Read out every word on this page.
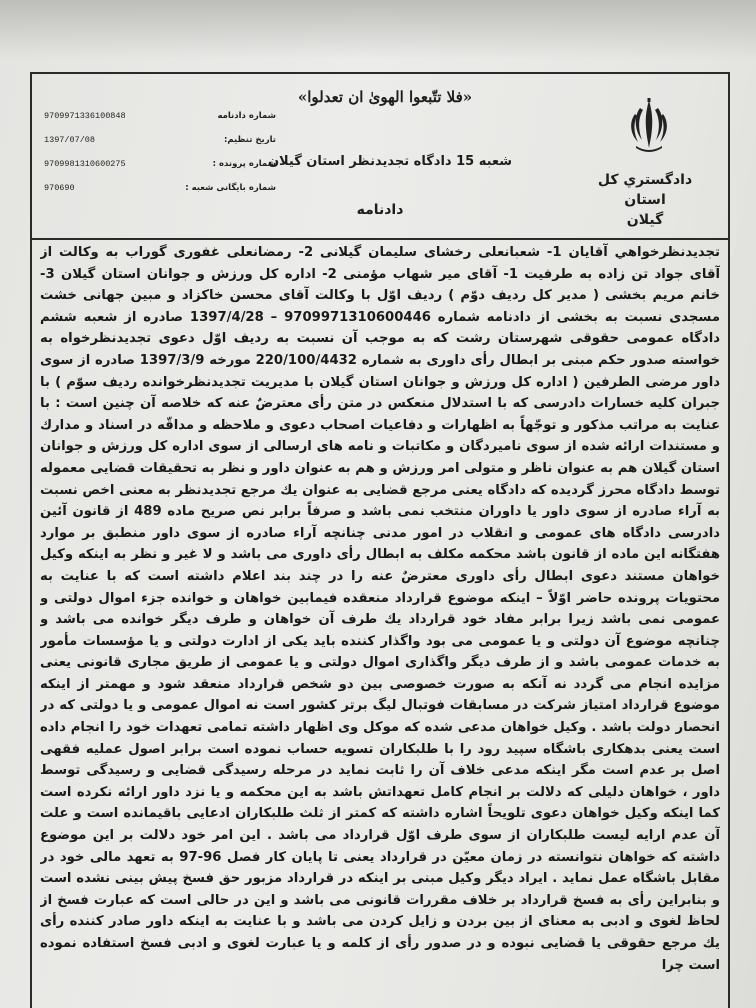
«فلا تتّبعوا الهوىٰ ان تعدلوا»
دادگستري كل استان
گيلان
شعبه 15 دادگاه تجديدنظر استان گيلان
دادنامه
9709971336100848	شماره دادنامه
1397/07/08	تاریخ تنظیم:
9709981310600275	شماره پرونده :
970690	شماره بایگانی شعبه :

تجديدنظرخواهي آقايان 1- شعبانعلی رخشای سليمان گيلانی 2- رمضانعلی غفوری گوراب به وكالت از آقای جواد تن زاده به طرفيت 1- آقای مير شهاب مؤمنی 2- اداره كل ورزش و جوانان استان گيلان 3- خانم مريم بخشی ( مدير كل رديف دوّم ) رديف اوّل با وكالت آقای محسن خاكزاد و مبين جهانی خشت مسجدی نسبت به بخشی از دادنامه شماره 9709971310600446 – 1397/4/28 صادره از شعبه ششم دادگاه عمومی حقوقی شهرستان رشت كه به موجب آن نسبت به رديف اوّل دعوی تجديدنظرخواه به خواسته صدور حكم مبنی بر ابطال رأی داوری به شماره 220/100/4432 مورخه 1397/3/9 صادره از سوی داور مرضی الطرفين ( اداره كل ورزش و جوانان استان گيلان با مديريت تجديدنظرخوانده رديف سوّم ) با جبران كليه خسارات دادرسی كه با استدلال منعكس در متن رأی معترضٌ عنه كه خلاصه آن چنين است : با عنايت به مراتب مذكور و توجّهاً به اظهارات و دفاعيات اصحاب دعوی و ملاحظه و مداقّه در اسناد و مدارك و مستندات ارائه شده از سوی ناميردگان و مكاتبات و نامه های ارسالی از سوی اداره كل ورزش و جوانان استان گيلان هم به عنوان ناظر و متولی امر ورزش و هم به عنوان داور و نظر به تحقيقات قضايی معموله توسط دادگاه محرز گرديده كه دادگاه يعنی مرجع قضايی به عنوان يك مرجع تجديدنظر به معنی اخص نسبت به آراء صادره از سوی داور يا داوران منتخب نمی باشد و صرفاً برابر نص صريح ماده 489 از قانون آئين دادرسی دادگاه های عمومی و انقلاب در امور مدنی چنانچه آراء صادره از سوی داور منطبق بر موارد هفتگانه اين ماده از قانون باشد محكمه مكلف به ابطال رأی داوری می باشد و لا غير و نظر به اينكه وكيل خواهان مستند دعوی ابطال رأی داوری معترضٌ عنه را در چند بند اعلام داشته است كه با عنايت به محتويات پرونده حاضر اوّلاً – اينكه موضوع قرارداد منعقده فيمابين خواهان و خوانده جزء اموال دولتی و عمومی نمی باشد زيرا برابر مفاد خود قرارداد يك طرف آن خواهان و طرف ديگر خوانده می باشد و چنانچه موضوع آن دولتی و يا عمومی می بود واگذار كننده بايد يكی از ادارت دولتی و يا مؤسسات مأمور به خدمات عمومی باشد و از طرف ديگر واگذاری اموال دولتی و يا عمومی از طريق مجاری قانونی يعنی مزايده انجام می گردد نه آنكه به صورت خصوصی بين دو شخص قرارداد منعقد شود و مهمتر از اينكه موضوع قرارداد امتياز شركت در مسابقات فوتبال ليگ برتر كشور است نه اموال عمومی و يا دولتی كه در انحصار دولت باشد . وكيل خواهان مدعی شده كه موكل وی اظهار داشته تمامی تعهدات خود را انجام داده است يعنی بدهكاری باشگاه سپيد رود را با طلبكاران تسويه حساب نموده است برابر اصول عمليه فقهی اصل بر عدم است مگر اينكه مدعی خلاف آن را ثابت نمايد در مرحله رسيدگی قضايی و رسيدگی توسط داور ، خواهان دليلی كه دلالت بر انجام كامل تعهداتش باشد به اين محكمه و يا نزد داور ارائه نكرده است كما اينكه وكيل خواهان دعوی تلويحاً اشاره داشته كه كمتر از ثلث طلبكاران ادعايی باقيمانده است و علت آن عدم ارايه ليست طلبكاران از سوی طرف اوّل قرارداد می باشد . اين امر خود دلالت بر اين موضوع داشته كه خواهان نتوانسته در زمان معيّن در قرارداد يعنی تا پايان كار فصل 96-97 به تعهد مالی خود در مقابل باشگاه عمل نمايد . ايراد ديگر وكيل مبنی بر اينكه در قرارداد مزبور حق فسخ پيش بينی نشده است و بنابراين رأی به فسخ قرارداد بر خلاف مقررات قانونی می باشد و اين در حالی است كه عبارت فسخ از لحاظ لغوی و ادبی به معنای از بين بردن و زايل كردن می باشد و با عنايت به اينكه داور صادر كننده رأی يك مرجع حقوقی يا قضايی نبوده و در صدور رأی از كلمه و يا عبارت لغوی و ادبی فسخ استفاده نموده است چرا
